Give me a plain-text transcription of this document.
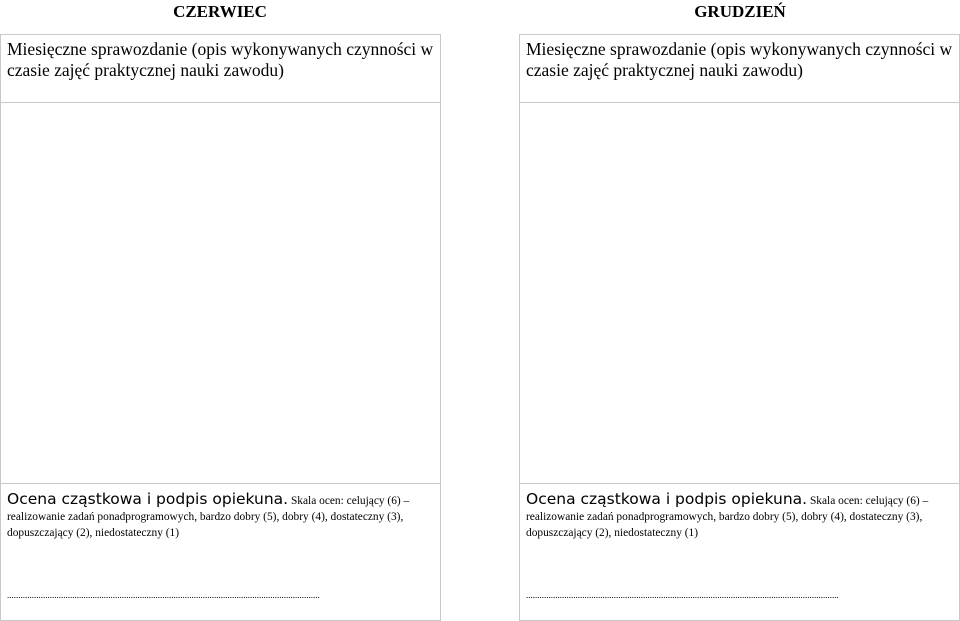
CZERWIEC
Miesięczne sprawozdanie (opis wykonywanych czynności w czasie zajęć praktycznej nauki zawodu)
Ocena cząstkowa i podpis opiekuna. Skala ocen: celujący (6) – realizowanie zadań ponadprogramowych, bardzo dobry (5), dobry (4), dostateczny (3), dopuszczający (2), niedostateczny (1)
...........................................................................................................................................
GRUDZIEŃ
Miesięczne sprawozdanie (opis wykonywanych czynności w czasie zajęć praktycznej nauki zawodu)
Ocena cząstkowa i podpis opiekuna. Skala ocen: celujący (6) – realizowanie zadań ponadprogramowych, bardzo dobry (5), dobry (4), dostateczny (3), dopuszczający (2), niedostateczny (1)
...........................................................................................................................................
